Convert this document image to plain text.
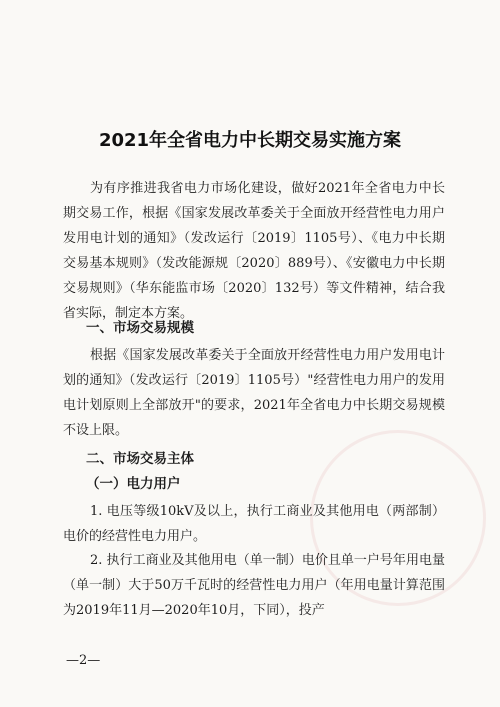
2021年全省电力中长期交易实施方案
为有序推进我省电力市场化建设，做好2021年全省电力中长期交易工作，根据《国家发展改革委关于全面放开经营性电力用户发用电计划的通知》（发改运行〔2019〕1105号）、《电力中长期交易基本规则》（发改能源规〔2020〕889号）、《安徽电力中长期交易规则》（华东能监市场〔2020〕132号）等文件精神，结合我省实际，制定本方案。
一、市场交易规模
根据《国家发展改革委关于全面放开经营性电力用户发用电计划的通知》（发改运行〔2019〕1105号）"经营性电力用户的发用电计划原则上全部放开"的要求，2021年全省电力中长期交易规模不设上限。
二、市场交易主体
（一）电力用户
1. 电压等级10kV及以上，执行工商业及其他用电（两部制）电价的经营性电力用户。
2. 执行工商业及其他用电（单一制）电价且单一户号年用电量（单一制）大于50万千瓦时的经营性电力用户（年用电量计算范围为2019年11月—2020年10月，下同），投产
—2—
